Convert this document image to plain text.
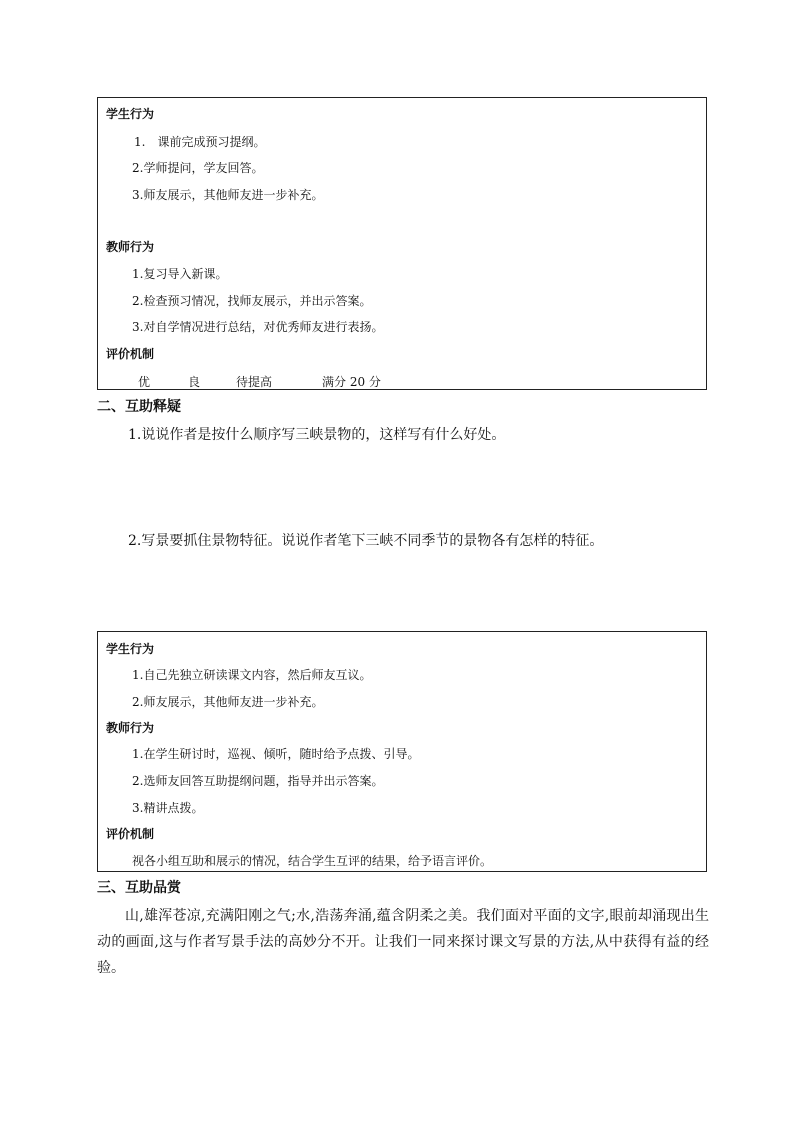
学生行为
1.　课前完成预习提纲。
2.学师提问，学友回答。
3.师友展示，其他师友进一步补充。
教师行为
1.复习导入新课。
2.检查预习情况，找师友展示，并出示答案。
3.对自学情况进行总结，对优秀师友进行表扬。
评价机制
优	良	待提高	满分 20 分
二、互助释疑
1.说说作者是按什么顺序写三峡景物的，这样写有什么好处。
2.写景要抓住景物特征。说说作者笔下三峡不同季节的景物各有怎样的特征。
学生行为
1.自己先独立研读课文内容，然后师友互议。
2.师友展示，其他师友进一步补充。
教师行为
1.在学生研讨时，巡视、倾听，随时给予点拨、引导。
2.选师友回答互助提纲问题，指导并出示答案。
3.精讲点拨。
评价机制
视各小组互助和展示的情况，结合学生互评的结果，给予语言评价。
三、互助品赏
山,雄浑苍凉,充满阳刚之气;水,浩荡奔涌,蕴含阴柔之美。我们面对平面的文字,眼前却涌现出生动的画面,这与作者写景手法的高妙分不开。让我们一同来探讨课文写景的方法,从中获得有益的经验。
